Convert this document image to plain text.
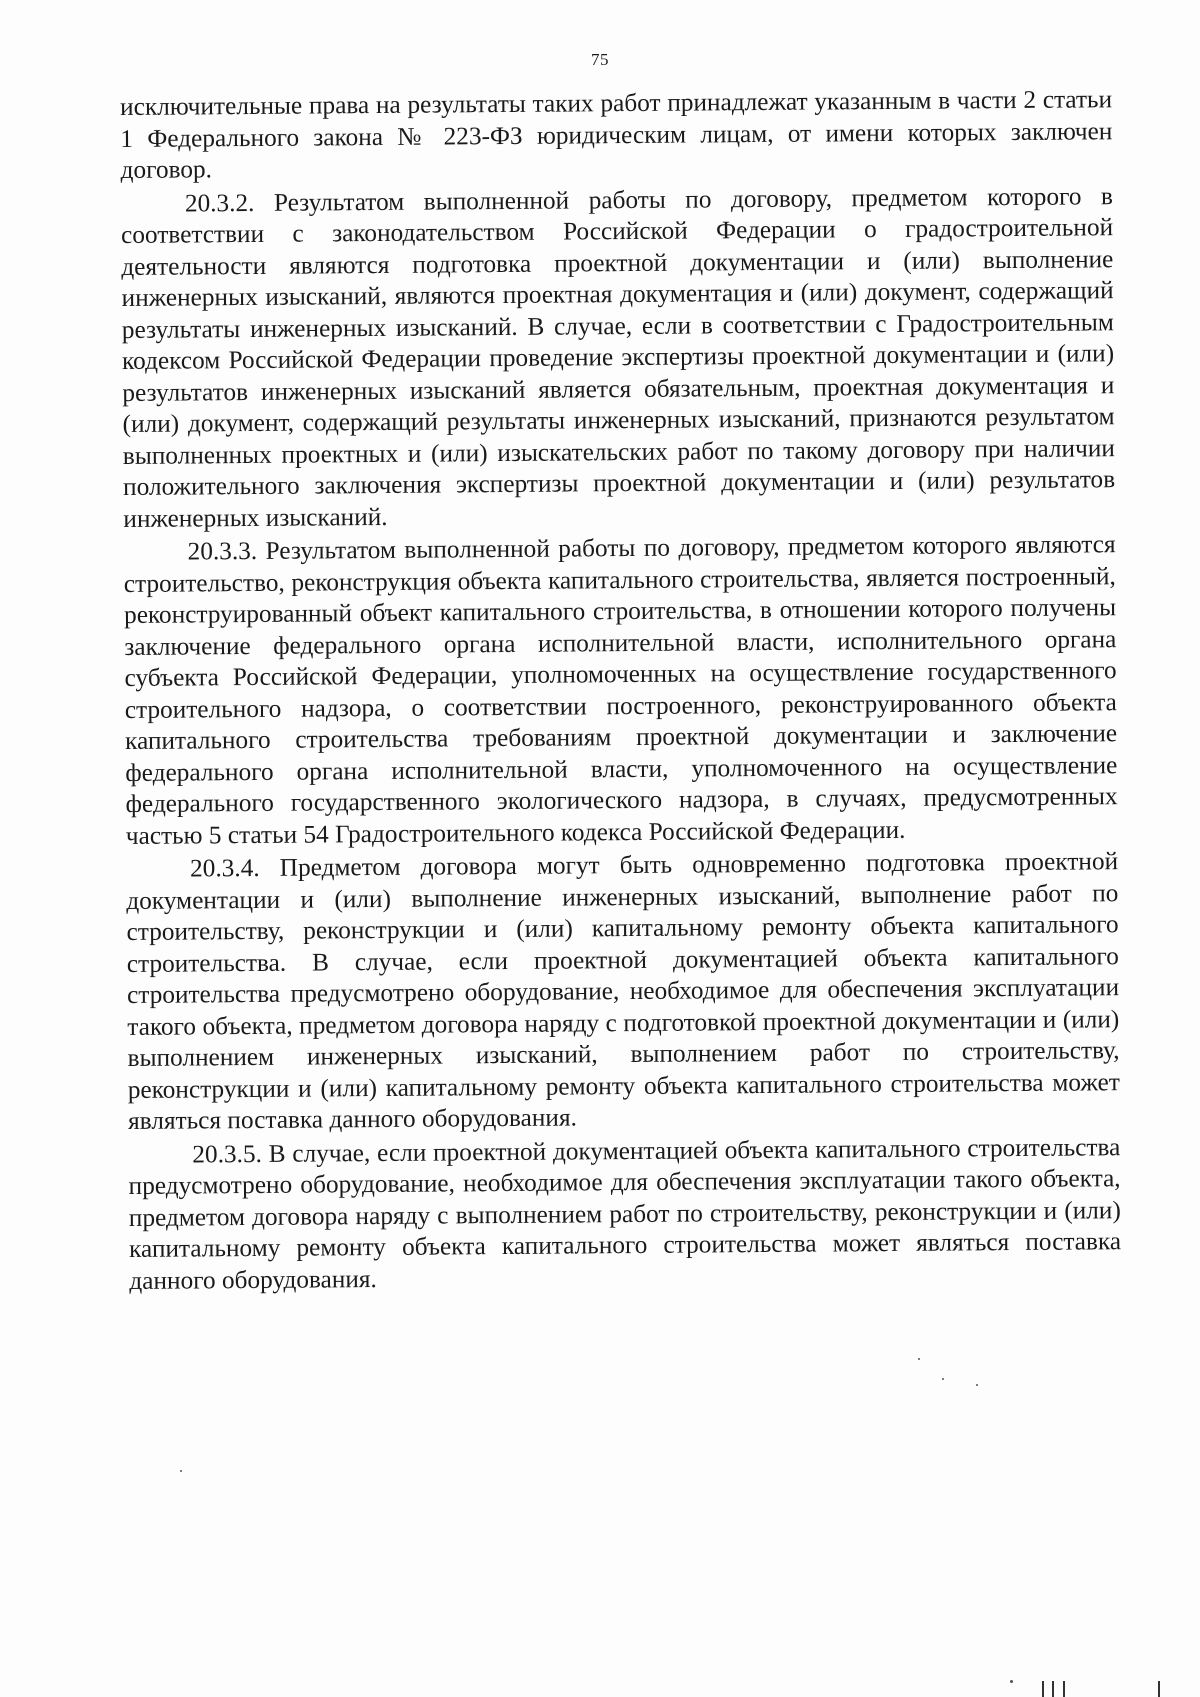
75

исключительные права на результаты таких работ принадлежат указанным в части 2 статьи 1 Федерального закона № 223-ФЗ юридическим лицам, от имени которых заключен договор.

20.3.2. Результатом выполненной работы по договору, предметом которого в соответствии с законодательством Российской Федерации о градостроительной деятельности являются подготовка проектной документации и (или) выполнение инженерных изысканий, являются проектная документация и (или) документ, содержащий результаты инженерных изысканий. В случае, если в соответствии с Градостроительным кодексом Российской Федерации проведение экспертизы проектной документации и (или) результатов инженерных изысканий является обязательным, проектная документация и (или) документ, содержащий результаты инженерных изысканий, признаются результатом выполненных проектных и (или) изыскательских работ по такому договору при наличии положительного заключения экспертизы проектной документации и (или) результатов инженерных изысканий.

20.3.3. Результатом выполненной работы по договору, предметом которого являются строительство, реконструкция объекта капитального строительства, является построенный, реконструированный объект капитального строительства, в отношении которого получены заключение федерального органа исполнительной власти, исполнительного органа субъекта Российской Федерации, уполномоченных на осуществление государственного строительного надзора, о соответствии построенного, реконструированного объекта капитального строительства требованиям проектной документации и заключение федерального органа исполнительной власти, уполномоченного на осуществление федерального государственного экологического надзора, в случаях, предусмотренных частью 5 статьи 54 Градостроительного кодекса Российской Федерации.

20.3.4. Предметом договора могут быть одновременно подготовка проектной документации и (или) выполнение инженерных изысканий, выполнение работ по строительству, реконструкции и (или) капитальному ремонту объекта капитального строительства. В случае, если проектной документацией объекта капитального строительства предусмотрено оборудование, необходимое для обеспечения эксплуатации такого объекта, предметом договора наряду с подготовкой проектной документации и (или) выполнением инженерных изысканий, выполнением работ по строительству, реконструкции и (или) капитальному ремонту объекта капитального строительства может являться поставка данного оборудования.

20.3.5. В случае, если проектной документацией объекта капитального строительства предусмотрено оборудование, необходимое для обеспечения эксплуатации такого объекта, предметом договора наряду с выполнением работ по строительству, реконструкции и (или) капитальному ремонту объекта капитального строительства может являться поставка данного оборудования.
